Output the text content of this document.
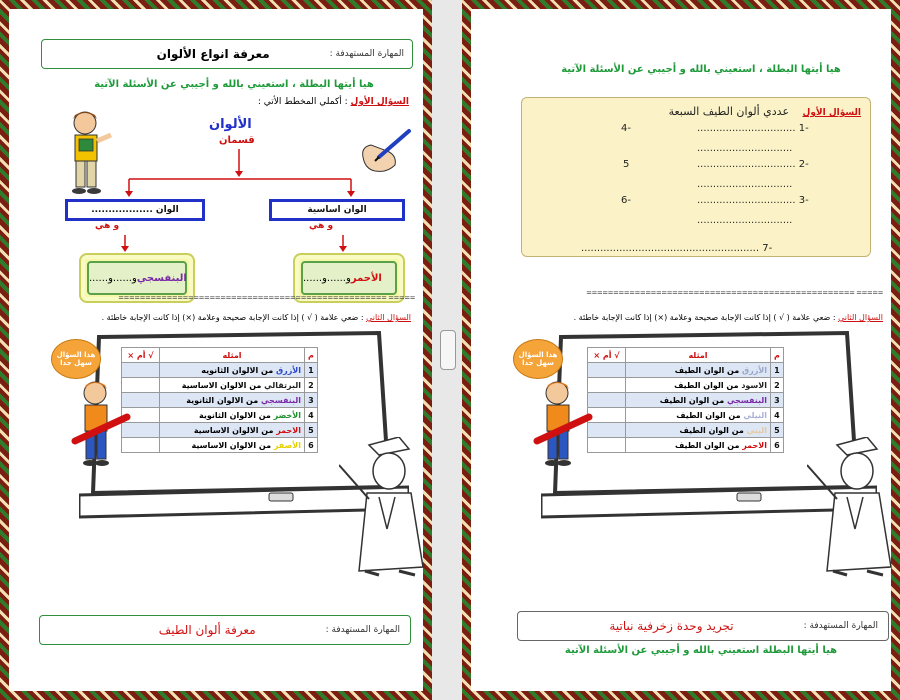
المهارة المستهدفة :
معرفة انواع الألوان
هيا أيتها البطلة ، استعيني بالله و أجيبي عن الأسئلة الآتية
السؤال الأول : أكملي المخطط الأتي :
الألوان
قسمان
الوان اساسية
الوان ..................
و هي
و هي
الأحمر
و......و......
البنفسجي
و......و......
================================================== =====
السؤال الثاني : ضعي علامة ( √ ) إذا كانت الإجابة صحيحة وعلامة (×) إذا كانت الإجابة خاطئة .
م	امثله	√ أم ×
1	الأزرق من الالوان الثانويه	
2	البرتقالي من الالوان الاساسية	
3	البنفسجي من الالوان الثانوية	
4	الأخضر من الالوان الثانوية	
5	الاحمر من الالوان الاساسية	
6	الأصفر من الالوان الاساسية	
هذا السؤال سهل جدا
المهارة المستهدفة :
معرفة ألوان الطيف
هيا أيتها البطلة ، استعيني بالله و أجيبي عن الأسئلة الآتية
السؤال الأول عددي ألوان الطيف السبعة
............................... 1-
4-
..............................
............................... 2-
5
..............................
............................... 3-
6-
..............................
........................................................ 7-
================================================== =====
السؤال الثاني : ضعي علامة ( √ ) إذا كانت الإجابة صحيحة وعلامة (×) إذا كانت الإجابة خاطئة .
م	امثله	√ أم ×
1	الأزرق من الوان الطيف	
2	الاسود من الوان الطيف	
3	البنفسجي من الوان الطيف	
4	النيلي من الوان الطيف	
5	البني من الوان الطيف	
6	الاحمر من الوان الطيف	
هذا السؤال سهل جدا
المهارة المستهدفة :
تجريد وحدة زخرفية نباتية
هيا أيتها البطلة استعيني بالله و أجيبي عن الأسئلة الآتية
